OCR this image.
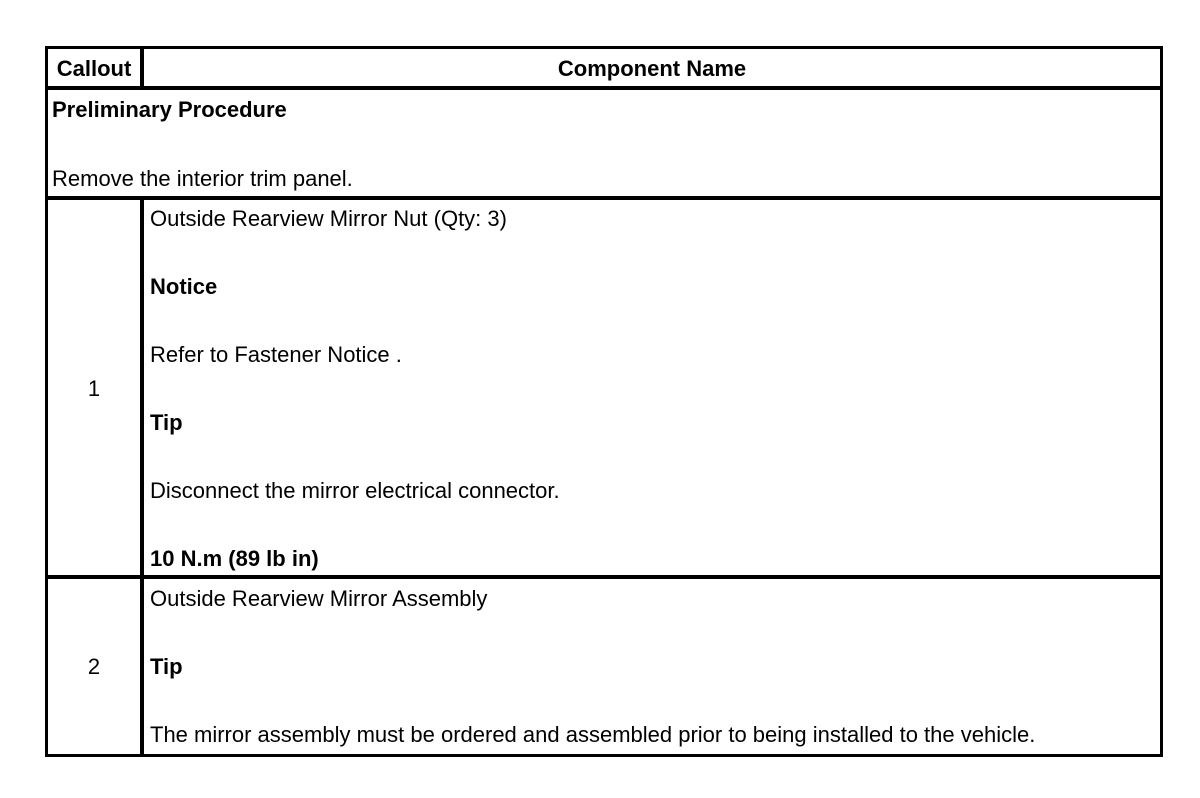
Callout	Component Name
Preliminary Procedure
Remove the interior trim panel.
1
Outside Rearview Mirror Nut (Qty: 3)
Notice
Refer to Fastener Notice .
Tip
Disconnect the mirror electrical connector.
10 N.m (89 lb in)
2
Outside Rearview Mirror Assembly
Tip
The mirror assembly must be ordered and assembled prior to being installed to the vehicle.
